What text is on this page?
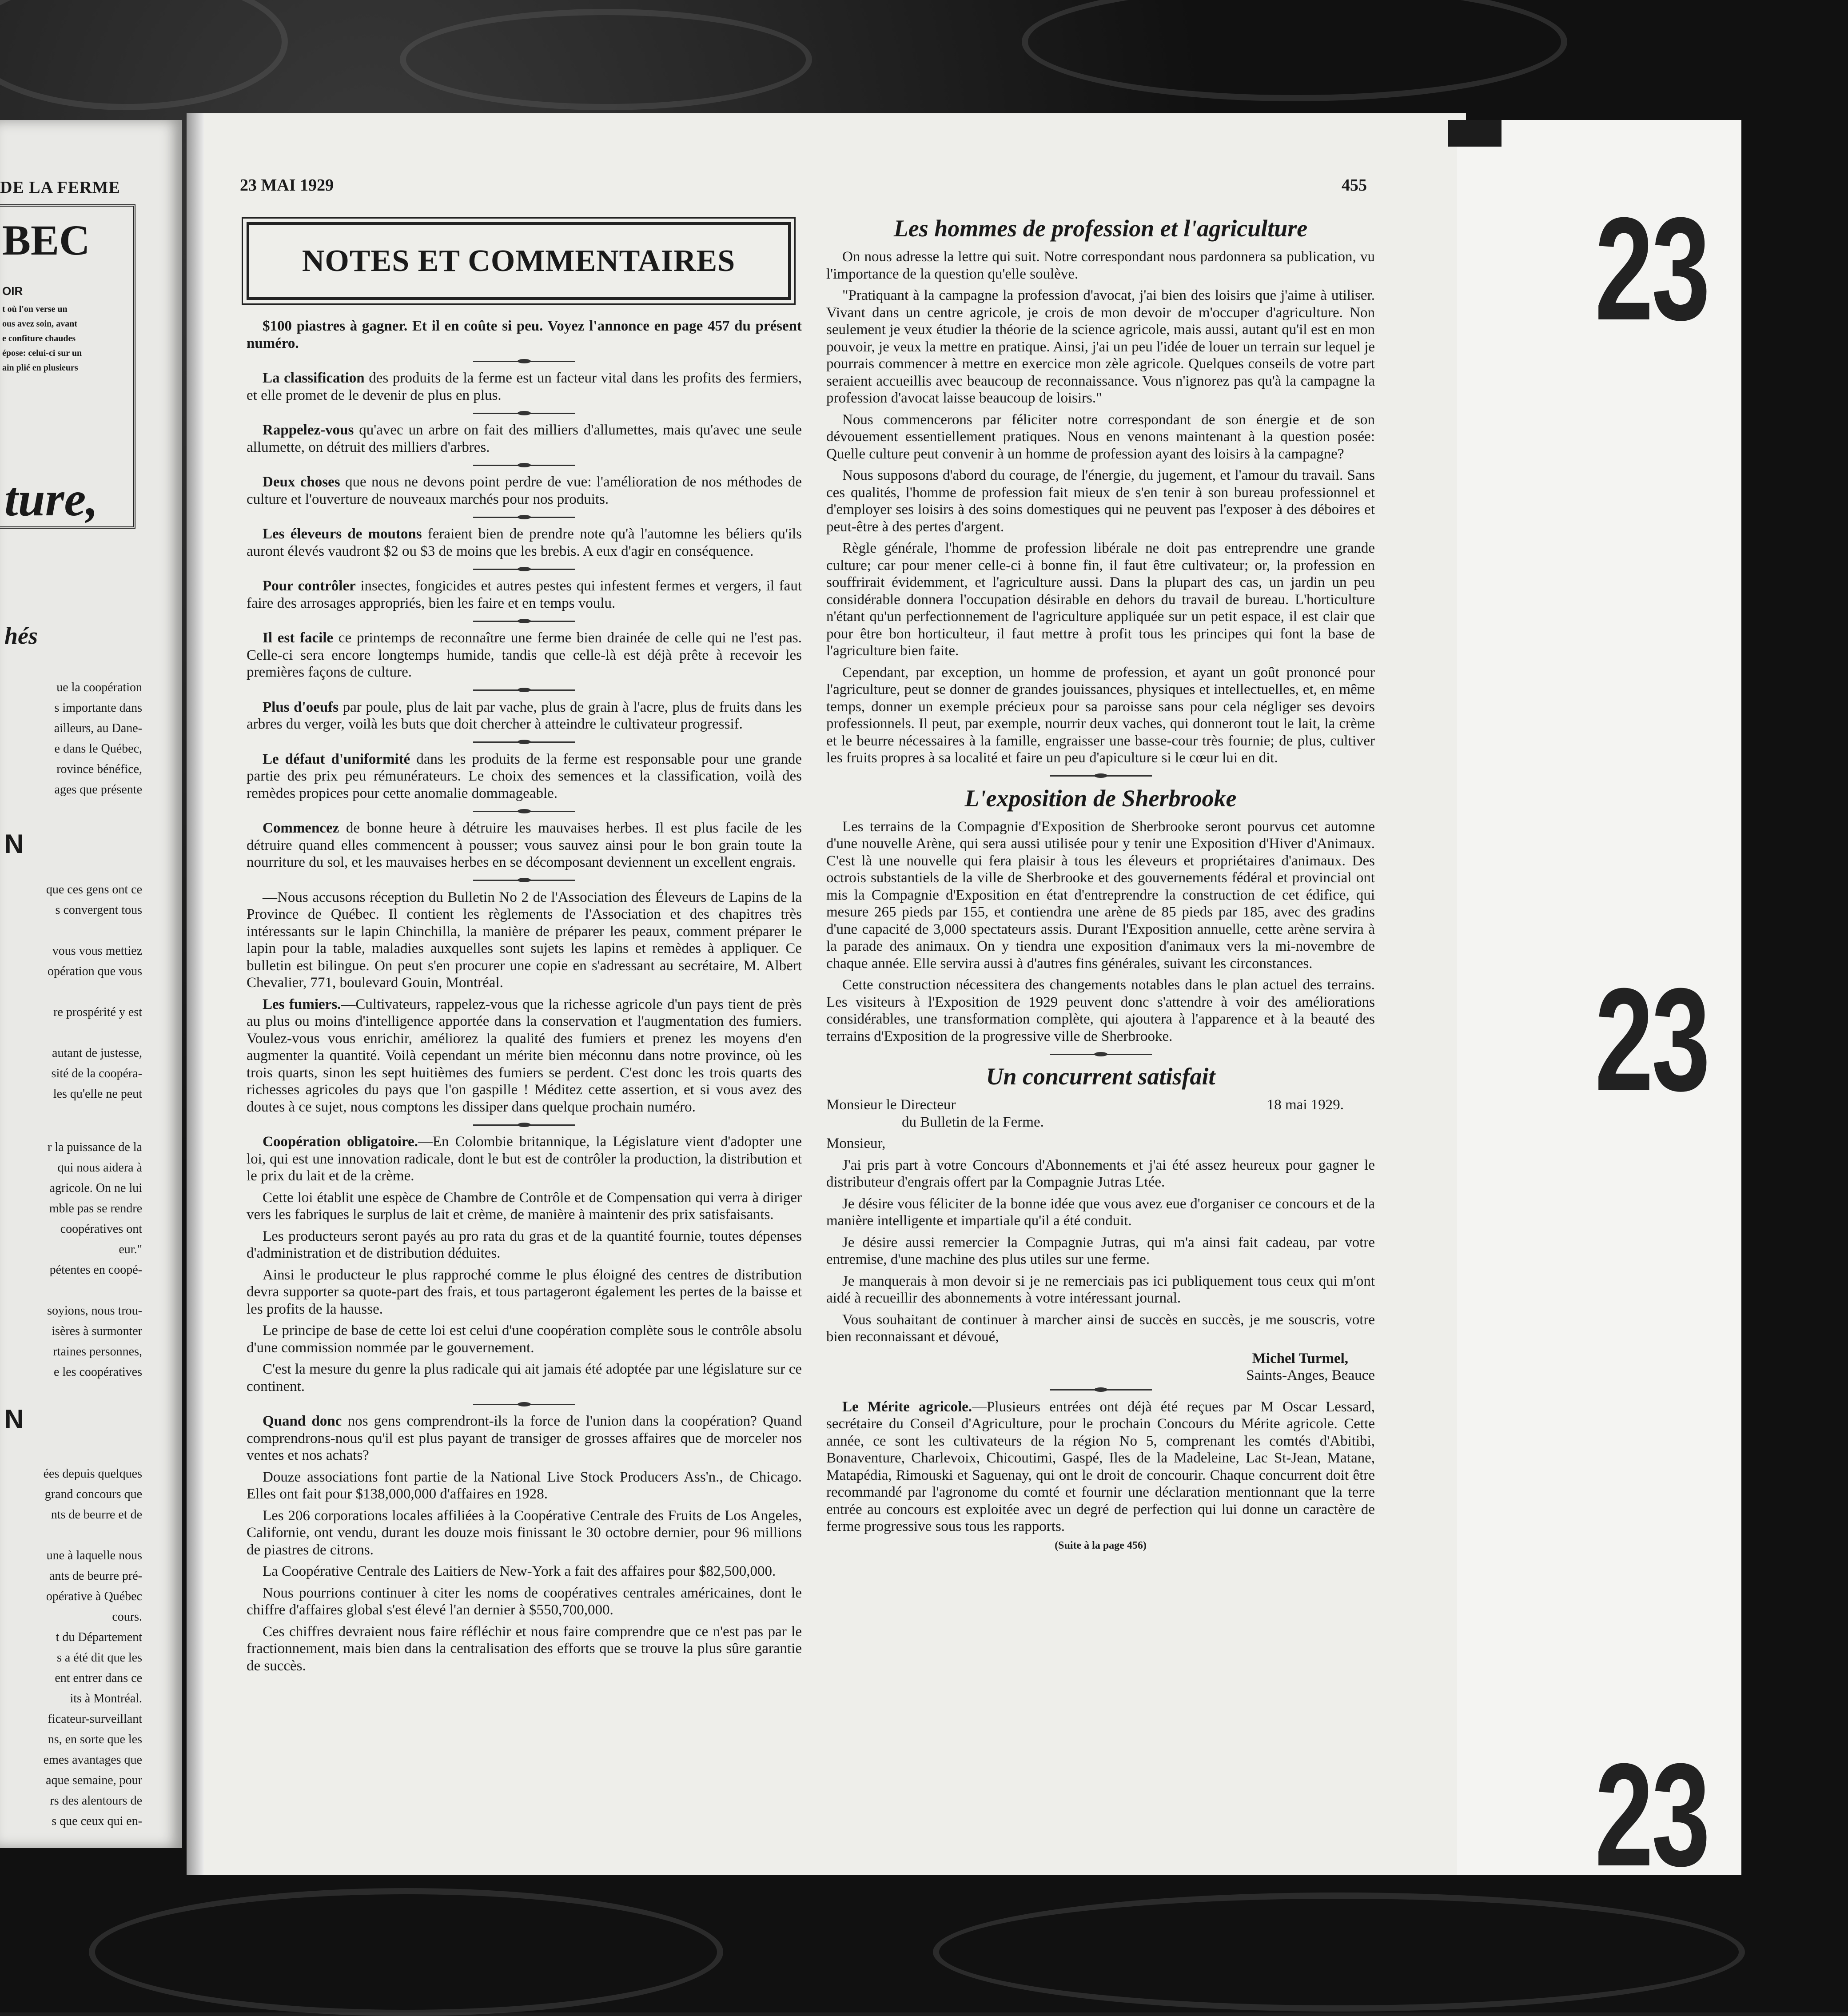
DE LA FERME
BEC
OIR
t où l'on verse un
ous avez soin, avant
e confiture chaudes
épose: celui-ci sur un
ain plié en plusieurs
ture,
hés
ue la coopération
s importante dans
ailleurs, au Dane-
e dans le Québec,
rovince bénéfice,
ages que présente
N
que ces gens ont ce
s convergent tous

vous vous mettiez
opération que vous

re prospérité y est

autant de justesse,
sité de la coopéra-
les qu'elle ne peut
r la puissance de la
qui nous aidera à
agricole. On ne lui
mble pas se rendre
coopératives ont
eur."
pétentes en coopé-

soyions, nous trou-
isères à surmonter
rtaines personnes,
e les coopératives
N
ées depuis quelques
grand concours que
nts de beurre et de

une à laquelle nous
ants de beurre pré-
opérative à Québec
cours.
t du Département
s a été dit que les
ent entrer dans ce
its à Montréal.
ficateur-surveillant
ns, en sorte que les
emes avantages que
aque semaine, pour
rs des alentours de
s que ceux qui en-
23
23
23
23 MAI 1929	455
NOTES ET COMMENTAIRES

$100 piastres à gagner. Et il en coûte si peu. Voyez l'annonce en page 457 du présent numéro.

La classification des produits de la ferme est un facteur vital dans les profits des fermiers, et elle promet de le devenir de plus en plus.

Rappelez-vous qu'avec un arbre on fait des milliers d'allumettes, mais qu'avec une seule allumette, on détruit des milliers d'arbres.

Deux choses que nous ne devons point perdre de vue: l'amélioration de nos méthodes de culture et l'ouverture de nouveaux marchés pour nos produits.

Les éleveurs de moutons feraient bien de prendre note qu'à l'automne les béliers qu'ils auront élevés vaudront $2 ou $3 de moins que les brebis. A eux d'agir en conséquence.

Pour contrôler insectes, fongicides et autres pestes qui infestent fermes et vergers, il faut faire des arrosages appropriés, bien les faire et en temps voulu.

Il est facile ce printemps de reconnaître une ferme bien drainée de celle qui ne l'est pas. Celle-ci sera encore longtemps humide, tandis que celle-là est déjà prête à recevoir les premières façons de culture.

Plus d'oeufs par poule, plus de lait par vache, plus de grain à l'acre, plus de fruits dans les arbres du verger, voilà les buts que doit chercher à atteindre le cultivateur progressif.

Le défaut d'uniformité dans les produits de la ferme est responsable pour une grande partie des prix peu rémunérateurs. Le choix des semences et la classification, voilà des remèdes propices pour cette anomalie dommageable.

Commencez de bonne heure à détruire les mauvaises herbes. Il est plus facile de les détruire quand elles commencent à pousser; vous sauvez ainsi pour le bon grain toute la nourriture du sol, et les mauvaises herbes en se décomposant deviennent un excellent engrais.

—Nous accusons réception du Bulletin No 2 de l'Association des Éleveurs de Lapins de la Province de Québec. Il contient les règlements de l'Association et des chapitres très intéressants sur le lapin Chinchilla, la manière de préparer les peaux, comment préparer le lapin pour la table, maladies auxquelles sont sujets les lapins et remèdes à appliquer. Ce bulletin est bilingue. On peut s'en procurer une copie en s'adressant au secrétaire, M. Albert Chevalier, 771, boulevard Gouin, Montréal.

Les fumiers.—Cultivateurs, rappelez-vous que la richesse agricole d'un pays tient de près au plus ou moins d'intelligence apportée dans la conservation et l'augmentation des fumiers. Voulez-vous vous enrichir, améliorez la qualité des fumiers et prenez les moyens d'en augmenter la quantité. Voilà cependant un mérite bien méconnu dans notre province, où les trois quarts, sinon les sept huitièmes des fumiers se perdent. C'est donc les trois quarts des richesses agricoles du pays que l'on gaspille ! Méditez cette assertion, et si vous avez des doutes à ce sujet, nous comptons les dissiper dans quelque prochain numéro.

Coopération obligatoire.—En Colombie britannique, la Législature vient d'adopter une loi, qui est une innovation radicale, dont le but est de contrôler la production, la distribution et le prix du lait et de la crème.

Cette loi établit une espèce de Chambre de Contrôle et de Compensation qui verra à diriger vers les fabriques le surplus de lait et crème, de manière à maintenir des prix satisfaisants.

Les producteurs seront payés au pro rata du gras et de la quantité fournie, toutes dépenses d'administration et de distribution déduites.

Ainsi le producteur le plus rapproché comme le plus éloigné des centres de distribution devra supporter sa quote-part des frais, et tous partageront également les pertes de la baisse et les profits de la hausse.

Le principe de base de cette loi est celui d'une coopération complète sous le contrôle absolu d'une commission nommée par le gouvernement.

C'est la mesure du genre la plus radicale qui ait jamais été adoptée par une législature sur ce continent.

Quand donc nos gens comprendront-ils la force de l'union dans la coopération? Quand comprendrons-nous qu'il est plus payant de transiger de grosses affaires que de morceler nos ventes et nos achats?

Douze associations font partie de la National Live Stock Producers Ass'n., de Chicago. Elles ont fait pour $138,000,000 d'affaires en 1928.

Les 206 corporations locales affiliées à la Coopérative Centrale des Fruits de Los Angeles, Californie, ont vendu, durant les douze mois finissant le 30 octobre dernier, pour 96 millions de piastres de citrons.

La Coopérative Centrale des Laitiers de New-York a fait des affaires pour $82,500,000.

Nous pourrions continuer à citer les noms de coopératives centrales américaines, dont le chiffre d'affaires global s'est élevé l'an dernier à $550,700,000.

Ces chiffres devraient nous faire réfléchir et nous faire comprendre que ce n'est pas par le fractionnement, mais bien dans la centralisation des efforts que se trouve la plus sûre garantie de succès.

Les hommes de profession et l'agriculture

On nous adresse la lettre qui suit. Notre correspondant nous pardonnera sa publication, vu l'importance de la question qu'elle soulève.

"Pratiquant à la campagne la profession d'avocat, j'ai bien des loisirs que j'aime à utiliser. Vivant dans un centre agricole, je crois de mon devoir de m'occuper d'agriculture. Non seulement je veux étudier la théorie de la science agricole, mais aussi, autant qu'il est en mon pouvoir, je veux la mettre en pratique. Ainsi, j'ai un peu l'idée de louer un terrain sur lequel je pourrais commencer à mettre en exercice mon zèle agricole. Quelques conseils de votre part seraient accueillis avec beaucoup de reconnaissance. Vous n'ignorez pas qu'à la campagne la profession d'avocat laisse beaucoup de loisirs."

Nous commencerons par féliciter notre correspondant de son énergie et de son dévouement essentiellement pratiques. Nous en venons maintenant à la question posée: Quelle culture peut convenir à un homme de profession ayant des loisirs à la campagne?

Nous supposons d'abord du courage, de l'énergie, du jugement, et l'amour du travail. Sans ces qualités, l'homme de profession fait mieux de s'en tenir à son bureau professionnel et d'employer ses loisirs à des soins domestiques qui ne peuvent pas l'exposer à des déboires et peut-être à des pertes d'argent.

Règle générale, l'homme de profession libérale ne doit pas entreprendre une grande culture; car pour mener celle-ci à bonne fin, il faut être cultivateur; or, la profession en souffrirait évidemment, et l'agriculture aussi. Dans la plupart des cas, un jardin un peu considérable donnera l'occupation désirable en dehors du travail de bureau. L'horticulture n'étant qu'un perfectionnement de l'agriculture appliquée sur un petit espace, il est clair que pour être bon horticulteur, il faut mettre à profit tous les principes qui font la base de l'agriculture bien faite.

Cependant, par exception, un homme de profession, et ayant un goût prononcé pour l'agriculture, peut se donner de grandes jouissances, physiques et intellectuelles, et, en même temps, donner un exemple précieux pour sa paroisse sans pour cela négliger ses devoirs professionnels. Il peut, par exemple, nourrir deux vaches, qui donneront tout le lait, la crème et le beurre nécessaires à la famille, engraisser une basse-cour très fournie; de plus, cultiver les fruits propres à sa localité et faire un peu d'apiculture si le cœur lui en dit.

L'exposition de Sherbrooke

Les terrains de la Compagnie d'Exposition de Sherbrooke seront pourvus cet automne d'une nouvelle Arène, qui sera aussi utilisée pour y tenir une Exposition d'Hiver d'Animaux. C'est là une nouvelle qui fera plaisir à tous les éleveurs et propriétaires d'animaux. Des octrois substantiels de la ville de Sherbrooke et des gouvernements fédéral et provincial ont mis la Compagnie d'Exposition en état d'entreprendre la construction de cet édifice, qui mesure 265 pieds par 155, et contiendra une arène de 85 pieds par 185, avec des gradins d'une capacité de 3,000 spectateurs assis. Durant l'Exposition annuelle, cette arène servira à la parade des animaux. On y tiendra une exposition d'animaux vers la mi-novembre de chaque année. Elle servira aussi à d'autres fins générales, suivant les circonstances.

Cette construction nécessitera des changements notables dans le plan actuel des terrains. Les visiteurs à l'Exposition de 1929 peuvent donc s'attendre à voir des améliorations considérables, une transformation complète, qui ajoutera à l'apparence et à la beauté des terrains d'Exposition de la progressive ville de Sherbrooke.

Un concurrent satisfait
Monsieur le Directeur	18 mai 1929.

du Bulletin de la Ferme.

Monsieur,

J'ai pris part à votre Concours d'Abonnements et j'ai été assez heureux pour gagner le distributeur d'engrais offert par la Compagnie Jutras Ltée.

Je désire vous féliciter de la bonne idée que vous avez eue d'organiser ce concours et de la manière intelligente et impartiale qu'il a été conduit.

Je désire aussi remercier la Compagnie Jutras, qui m'a ainsi fait cadeau, par votre entremise, d'une machine des plus utiles sur une ferme.

Je manquerais à mon devoir si je ne remerciais pas ici publiquement tous ceux qui m'ont aidé à recueillir des abonnements à votre intéressant journal.

Vous souhaitant de continuer à marcher ainsi de succès en succès, je me souscris, votre bien reconnaissant et dévoué,

Michel Turmel,

Saints-Anges, Beauce

Le Mérite agricole.—Plusieurs entrées ont déjà été reçues par M Oscar Lessard, secrétaire du Conseil d'Agriculture, pour le prochain Concours du Mérite agricole. Cette année, ce sont les cultivateurs de la région No 5, comprenant les comtés d'Abitibi, Bonaventure, Charlevoix, Chicoutimi, Gaspé, Iles de la Madeleine, Lac St-Jean, Matane, Matapédia, Rimouski et Saguenay, qui ont le droit de concourir. Chaque concurrent doit être recommandé par l'agronome du comté et fournir une déclaration mentionnant que la terre entrée au concours est exploitée avec un degré de perfection qui lui donne un caractère de ferme progressive sous tous les rapports.

(Suite à la page 456)
